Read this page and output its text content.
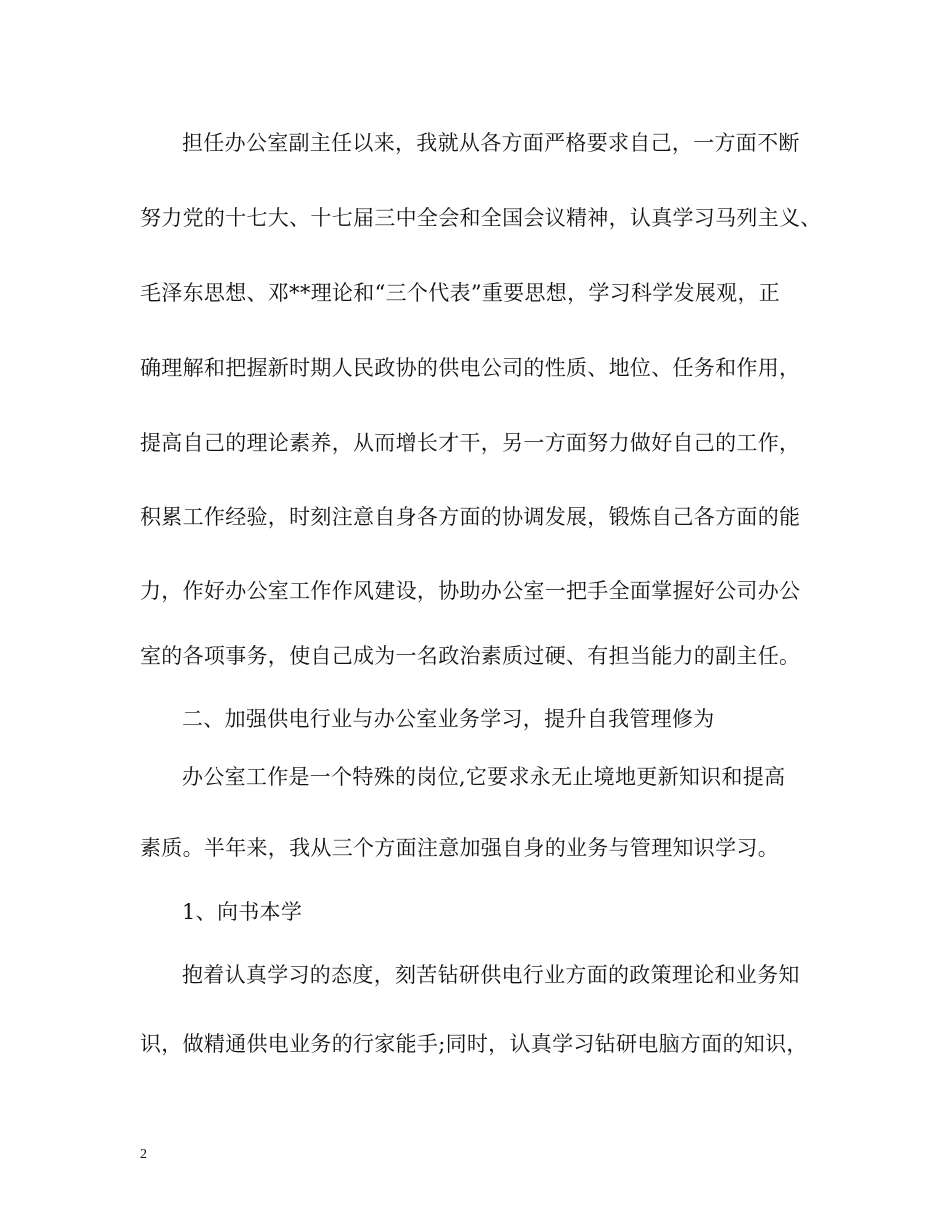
担任办公室副主任以来，我就从各方面严格要求自己，一方面不断
努力党的十七大、十七届三中全会和全国会议精神，认真学习马列主义、
毛泽东思想、邓**理论和“三个代表”重要思想，学习科学发展观，正
确理解和把握新时期人民政协的供电公司的性质、地位、任务和作用，
提高自己的理论素养，从而增长才干，另一方面努力做好自己的工作，
积累工作经验，时刻注意自身各方面的协调发展，锻炼自己各方面的能
力，作好办公室工作作风建设，协助办公室一把手全面掌握好公司办公
室的各项事务，使自己成为一名政治素质过硬、有担当能力的副主任。
二、加强供电行业与办公室业务学习，提升自我管理修为
办公室工作是一个特殊的岗位,它要求永无止境地更新知识和提高
素质。半年来，我从三个方面注意加强自身的业务与管理知识学习。
1、向书本学
抱着认真学习的态度，刻苦钻研供电行业方面的政策理论和业务知
识，做精通供电业务的行家能手;同时，认真学习钻研电脑方面的知识，
2
